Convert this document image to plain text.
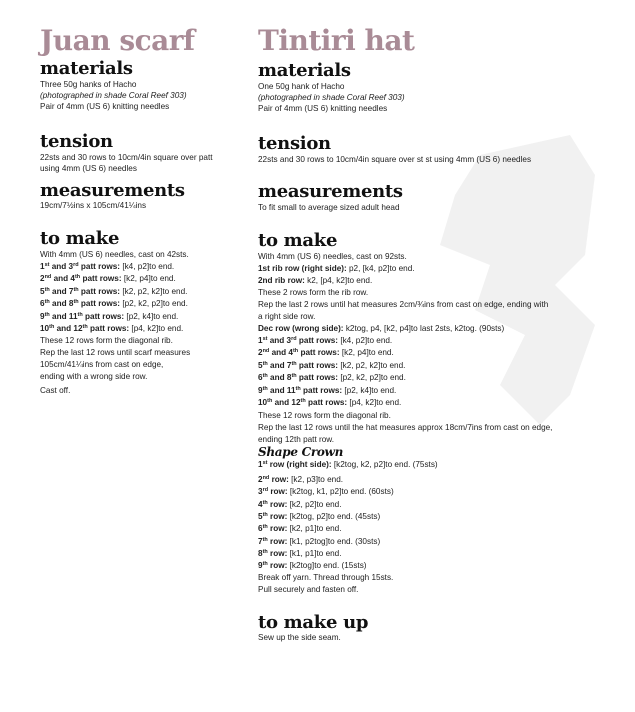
Juan scarf
materials
Three 50g hanks of Hacho
(photographed in shade Coral Reef 303)
Pair of 4mm (US 6) knitting needles
tension
22sts and 30 rows to 10cm/4in square over patt
using 4mm (US 6) needles
measurements
19cm/7½ins x 105cm/41¼ins
to make
With 4mm (US 6) needles, cast on 42sts.
1st and 3rd patt rows: [k4, p2]to end.
2nd and 4th patt rows: [k2, p4]to end.
5th and 7th patt rows: [k2, p2, k2]to end.
6th and 8th patt rows: [p2, k2, p2]to end.
9th and 11th patt rows: [p2, k4]to end.
10th and 12th patt rows: [p4, k2]to end.
These 12 rows form the diagonal rib.
Rep the last 12 rows until scarf measures
105cm/41¼ins from cast on edge,
ending with a wrong side row.
Cast off.
Tintiri hat
materials
One 50g hank of Hacho
(photographed in shade Coral Reef 303)
Pair of 4mm (US 6) knitting needles
tension
22sts and 30 rows to 10cm/4in square over st st using 4mm (US 6) needles
measurements
To fit small to average sized adult head
to make
With 4mm (US 6) needles, cast on 92sts.
1st rib row (right side): p2, [k4, p2]to end.
2nd rib row: k2, [p4, k2]to end.
These 2 rows form the rib row.
Rep the last 2 rows until hat measures 2cm/¾ins from cast on edge, ending with
a right side row.
Dec row (wrong side): k2tog, p4, [k2, p4]to last 2sts, k2tog. (90sts)
1st and 3rd patt rows: [k4, p2]to end.
2nd and 4th patt rows: [k2, p4]to end.
5th and 7th patt rows: [k2, p2, k2]to end.
6th and 8th patt rows: [p2, k2, p2]to end.
9th and 11th patt rows: [p2, k4]to end.
10th and 12th patt rows: [p4, k2]to end.
These 12 rows form the diagonal rib.
Rep the last 12 rows until the hat measures approx 18cm/7ins from cast on edge,
ending 12th patt row.
Shape Crown
1st row (right side): [k2tog, k2, p2]to end. (75sts)
2nd row: [k2, p3]to end.
3rd row: [k2tog, k1, p2]to end. (60sts)
4th row: [k2, p2]to end.
5th row: [k2tog, p2]to end. (45sts)
6th row: [k2, p1]to end.
7th row: [k1, p2tog]to end. (30sts)
8th row: [k1, p1]to end.
9th row: [k2tog]to end. (15sts)
Break off yarn. Thread through 15sts.
Pull securely and fasten off.
to make up
Sew up the side seam.
